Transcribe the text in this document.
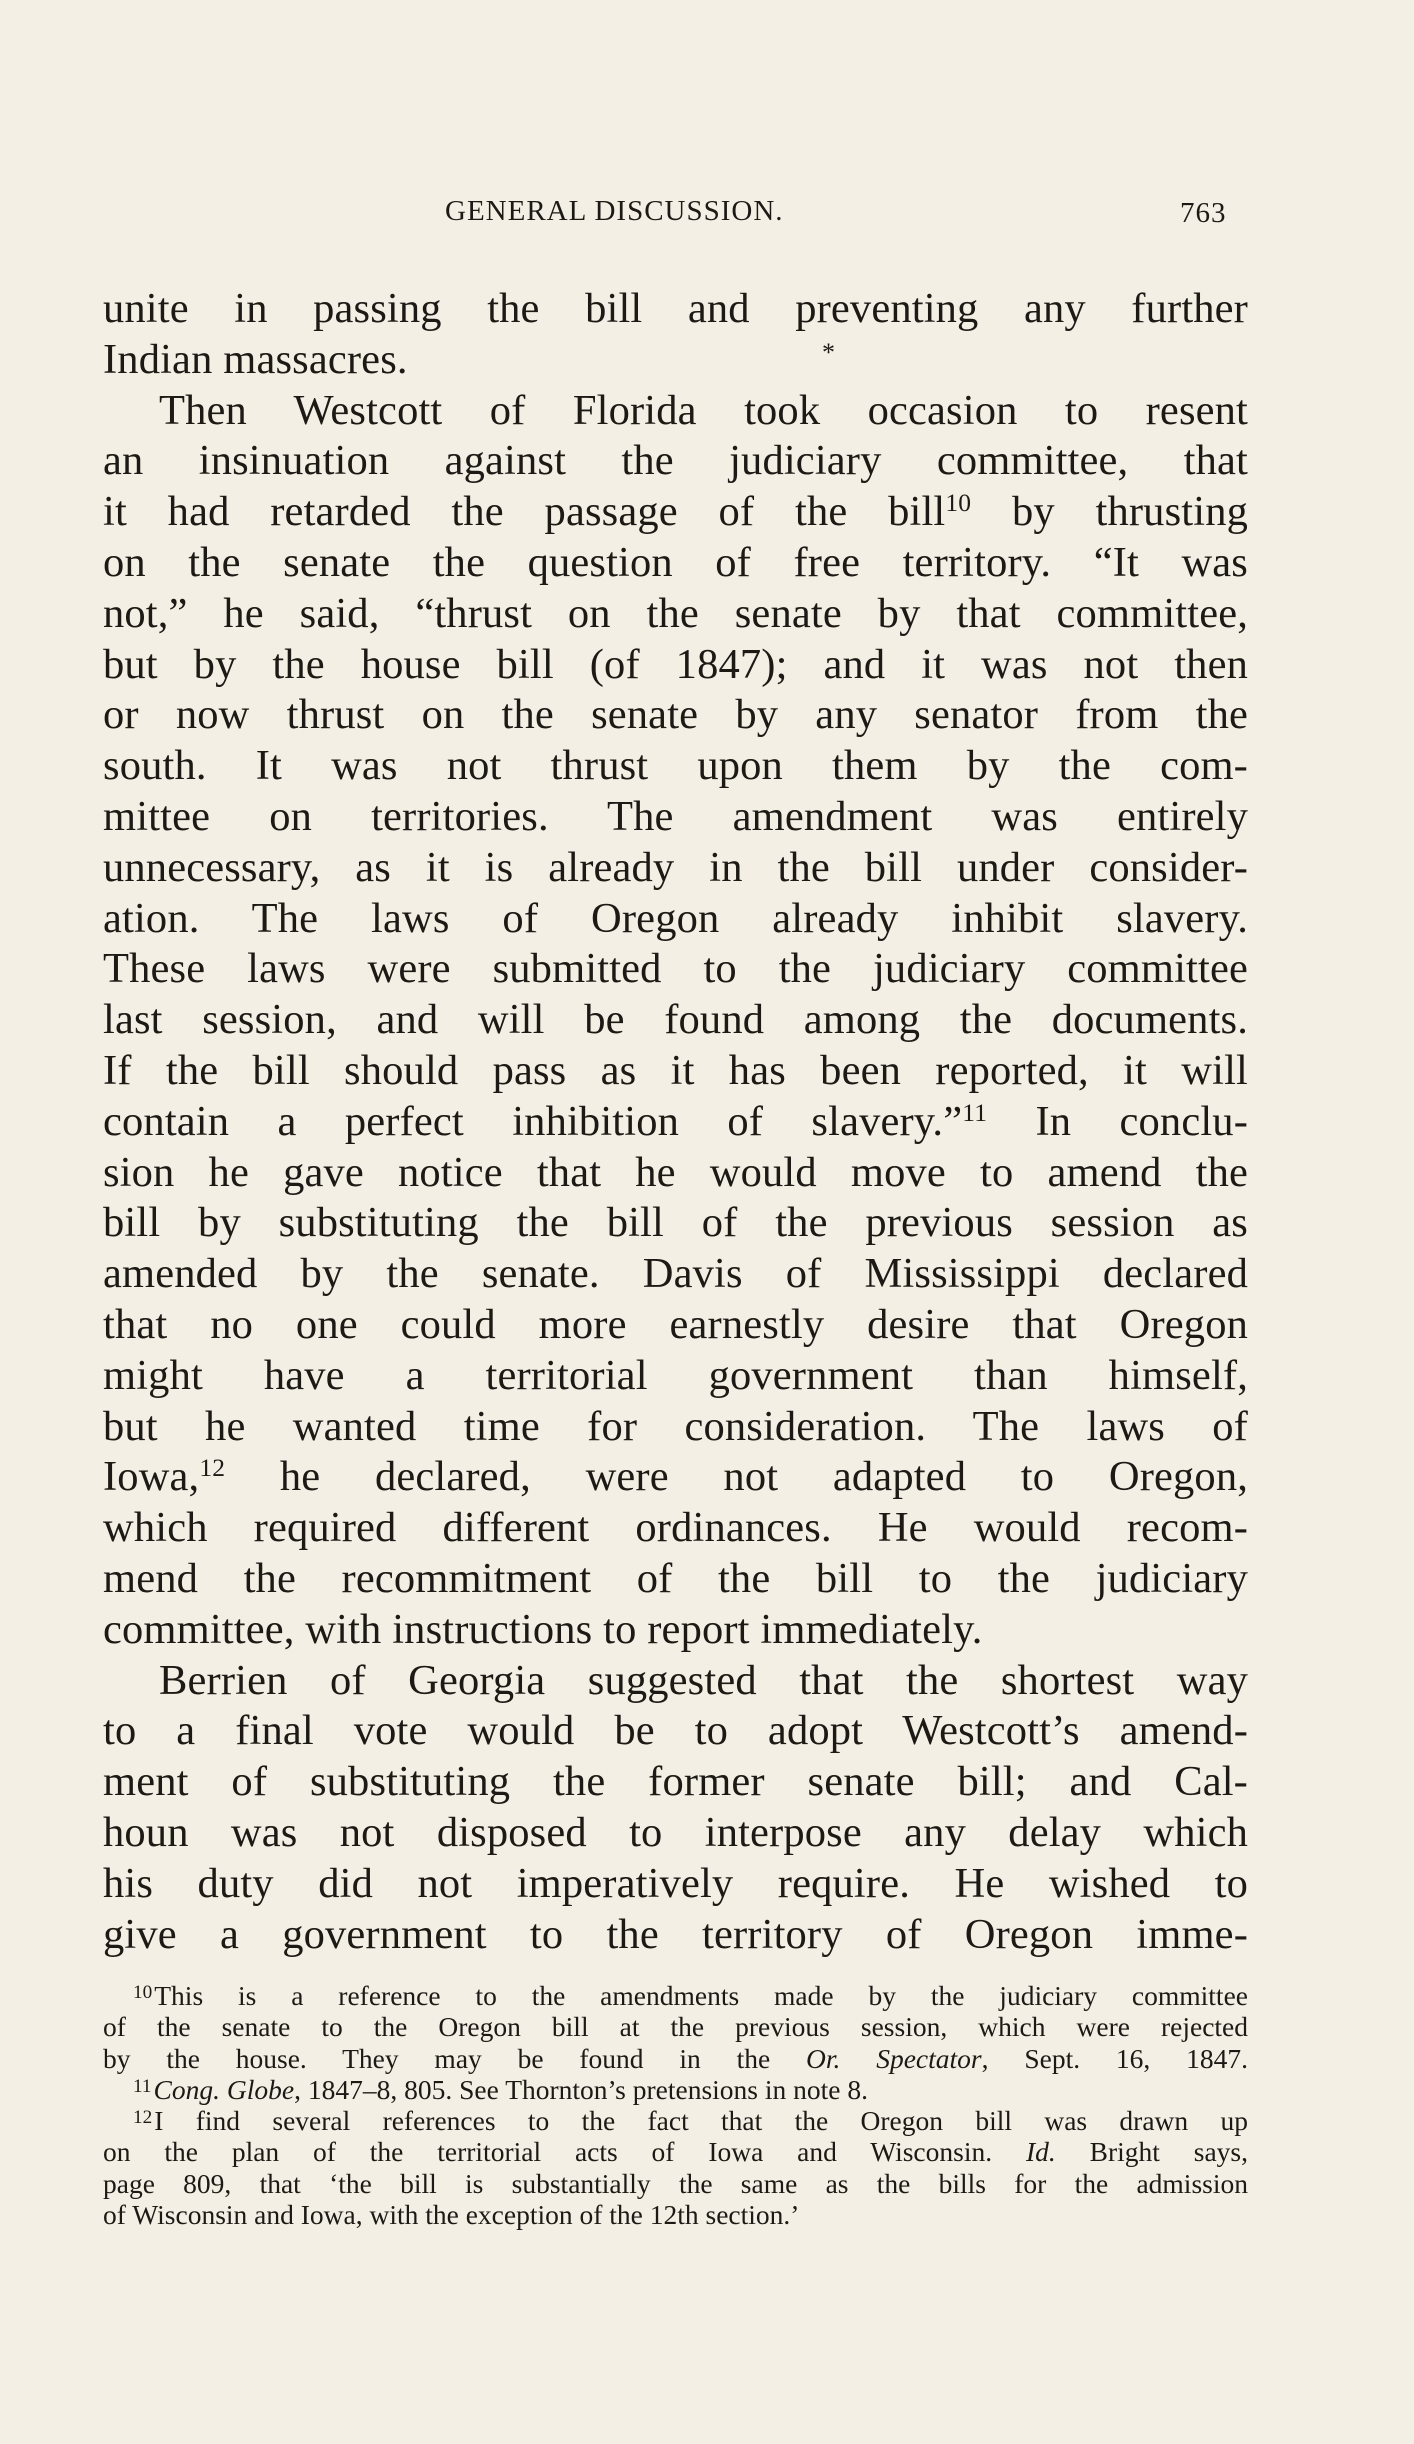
GENERAL DISCUSSION.	763
*
unite in passing the bill and preventing any further
Indian massacres.
Then Westcott of Florida took occasion to resent
an insinuation against the judiciary committee, that
it had retarded the passage of the bill$^{10}$ by thrusting
on the senate the question of free territory. “It was
not,” he said, “thrust on the senate by that committee,
but by the house bill (of 1847); and it was not then
or now thrust on the senate by any senator from the
south. It was not thrust upon them by the com-
mittee on territories. The amendment was entirely
unnecessary, as it is already in the bill under consider-
ation. The laws of Oregon already inhibit slavery.
These laws were submitted to the judiciary committee
last session, and will be found among the documents.
If the bill should pass as it has been reported, it will
contain a perfect inhibition of slavery.”$^{11}$ In conclu-
sion he gave notice that he would move to amend the
bill by substituting the bill of the previous session as
amended by the senate. Davis of Mississippi declared
that no one could more earnestly desire that Oregon
might have a territorial government than himself,
but he wanted time for consideration. The laws of
Iowa,$^{12}$ he declared, were not adapted to Oregon,
which required different ordinances. He would recom-
mend the recommitment of the bill to the judiciary
committee, with instructions to report immediately.
Berrien of Georgia suggested that the shortest way
to a final vote would be to adopt Westcott’s amend-
ment of substituting the former senate bill; and Cal-
houn was not disposed to interpose any delay which
his duty did not imperatively require. He wished to
give a government to the territory of Oregon imme-
$^{10}$This is a reference to the amendments made by the judiciary committee
of the senate to the Oregon bill at the previous session, which were rejected
by the house. They may be found in the Or. Spectator, Sept. 16, 1847.
$^{11}$Cong. Globe, 1847–8, 805. See Thornton’s pretensions in note 8.
$^{12}$I find several references to the fact that the Oregon bill was drawn up
on the plan of the territorial acts of Iowa and Wisconsin. Id. Bright says,
page 809, that ‘the bill is substantially the same as the bills for the admission
of Wisconsin and Iowa, with the exception of the 12th section.’
